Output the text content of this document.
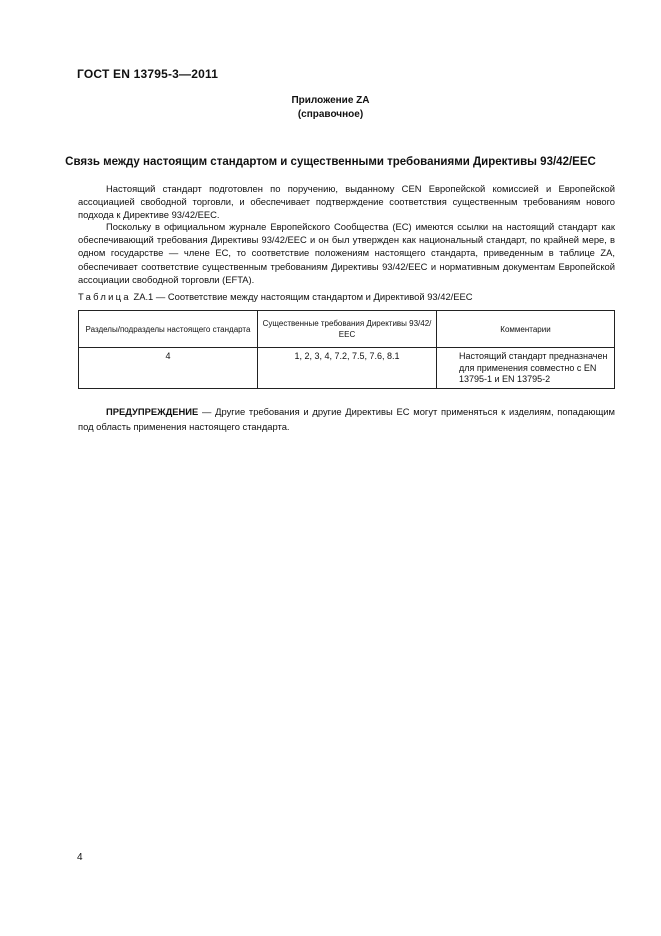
ГОСТ EN 13795-3—2011
Приложение ZA
(справочное)
Связь между настоящим стандартом и существенными требованиями Директивы 93/42/ЕЕС

Настоящий стандарт подготовлен по поручению, выданному CEN Европейской комиссией и Европейской ассоциацией свободной торговли, и обеспечивает подтверждение соответствия существенным требованиям нового подхода к Директиве 93/42/ЕЕС.

Поскольку в официальном журнале Европейского Сообщества (ЕС) имеются ссылки на настоящий стандарт как обеспечивающий требования Директивы 93/42/ЕЕС и он был утвержден как национальный стандарт, по крайней мере, в одном государстве — члене ЕС, то соответствие положениям настоящего стандарта, приведенным в таблице ZA, обеспечивает соответствие существенным требованиям Директивы 93/42/ЕЕС и нормативным документам Европейской ассоциации свободной торговли (EFTA).

Таблица ZA.1 — Соответствие между настоящим стандартом и Директивой 93/42/ЕЕС
Разделы/подразделы настоящего стандарта	Существенные требования Директивы 93/42/ЕЕС	Комментарии
4	1, 2, 3, 4, 7.2, 7.5, 7.6, 8.1	Настоящий стандарт предназначен для применения совместно с EN 13795-1 и EN 13795-2

ПРЕДУПРЕЖДЕНИЕ — Другие требования и другие Директивы ЕС могут применяться к изделиям, попадающим под область применения настоящего стандарта.

4
